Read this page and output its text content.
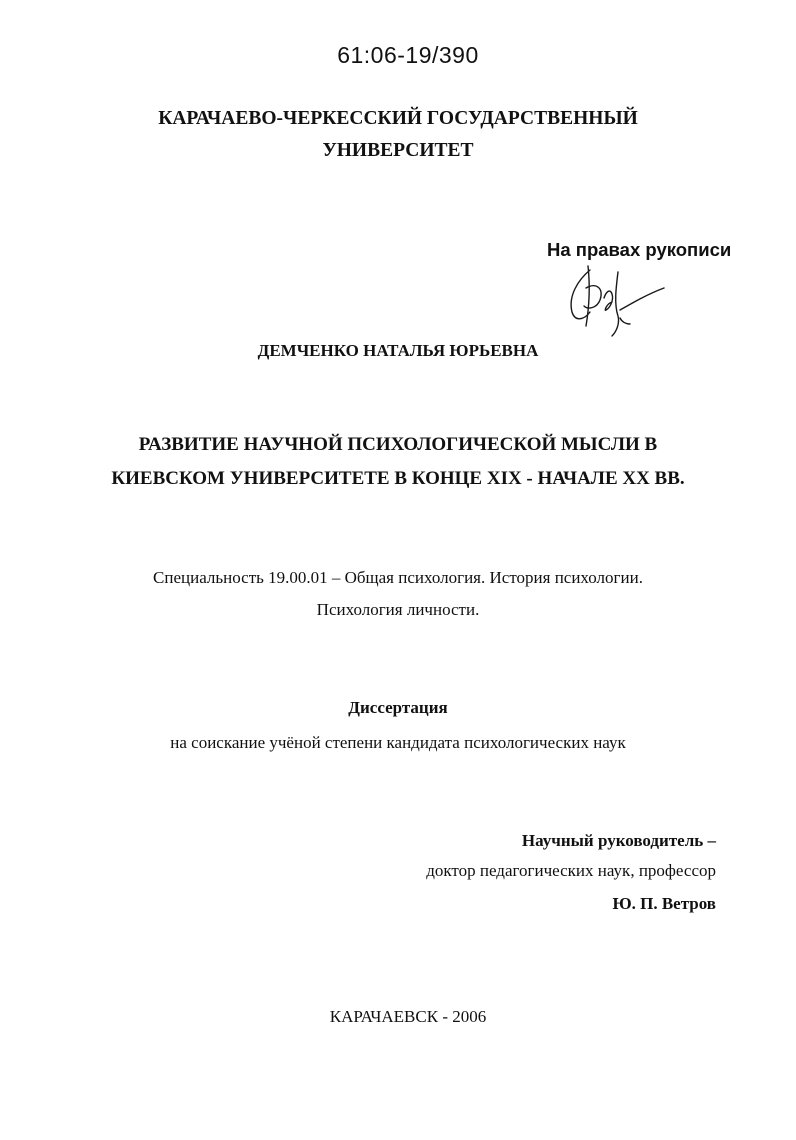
61:06-19/390
КАРАЧАЕВО-ЧЕРКЕССКИЙ ГОСУДАРСТВЕННЫЙ
УНИВЕРСИТЕТ
На правах рукописи
ДЕМЧЕНКО НАТАЛЬЯ ЮРЬЕВНА
РАЗВИТИЕ НАУЧНОЙ ПСИХОЛОГИЧЕСКОЙ МЫСЛИ В
КИЕВСКОМ УНИВЕРСИТЕТЕ В КОНЦЕ XIX - НАЧАЛЕ XX ВВ.
Специальность 19.00.01 – Общая психология. История психологии.
Психология личности.
Диссертация
на соискание учёной степени кандидата психологических наук
Научный руководитель –
доктор педагогических наук, профессор
Ю. П. Ветров
КАРАЧАЕВСК - 2006
